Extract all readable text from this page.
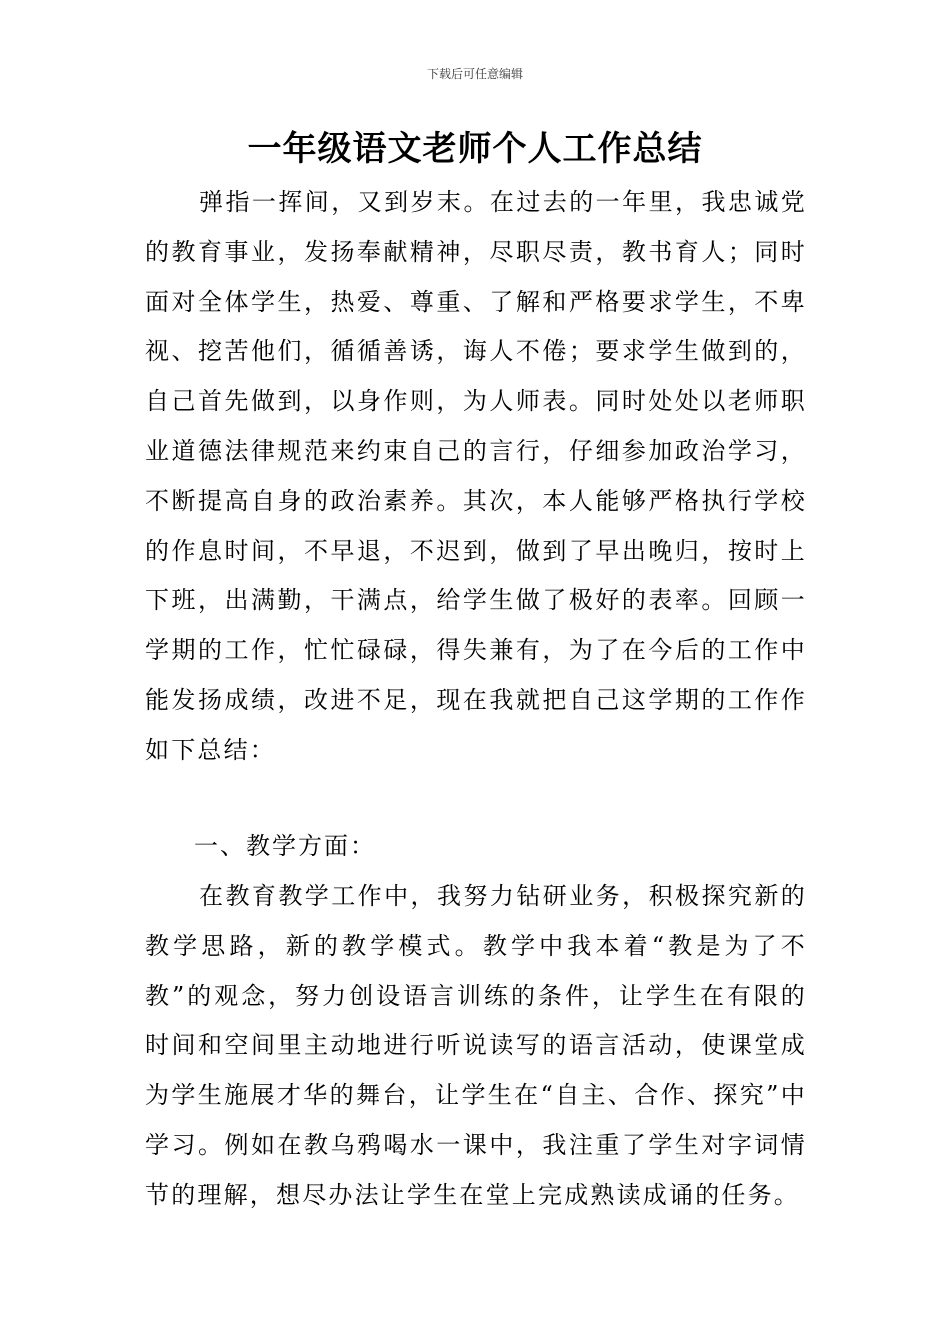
下载后可任意编辑
一年级语文老师个人工作总结

弹指一挥间，又到岁末。在过去的一年里，我忠诚党的教育事业，发扬奉献精神，尽职尽责，教书育人；同时面对全体学生，热爱、尊重、了解和严格要求学生，不卑视、挖苦他们，循循善诱，诲人不倦；要求学生做到的，自己首先做到，以身作则，为人师表。同时处处以老师职业道德法律规范来约束自己的言行，仔细参加政治学习，不断提高自身的政治素养。其次，本人能够严格执行学校的作息时间，不早退，不迟到，做到了早出晚归，按时上下班，出满勤，干满点，给学生做了极好的表率。回顾一学期的工作，忙忙碌碌，得失兼有，为了在今后的工作中能发扬成绩，改进不足，现在我就把自己这学期的工作作如下总结：

一、教学方面：

在教育教学工作中，我努力钻研业务，积极探究新的教学思路，新的教学模式。教学中我本着“教是为了不教”的观念，努力创设语言训练的条件，让学生在有限的时间和空间里主动地进行听说读写的语言活动，使课堂成为学生施展才华的舞台，让学生在“自主、合作、探究”中学习。例如在教乌鸦喝水一课中，我注重了学生对字词情节的理解，想尽办法让学生在堂上完成熟读成诵的任务。
